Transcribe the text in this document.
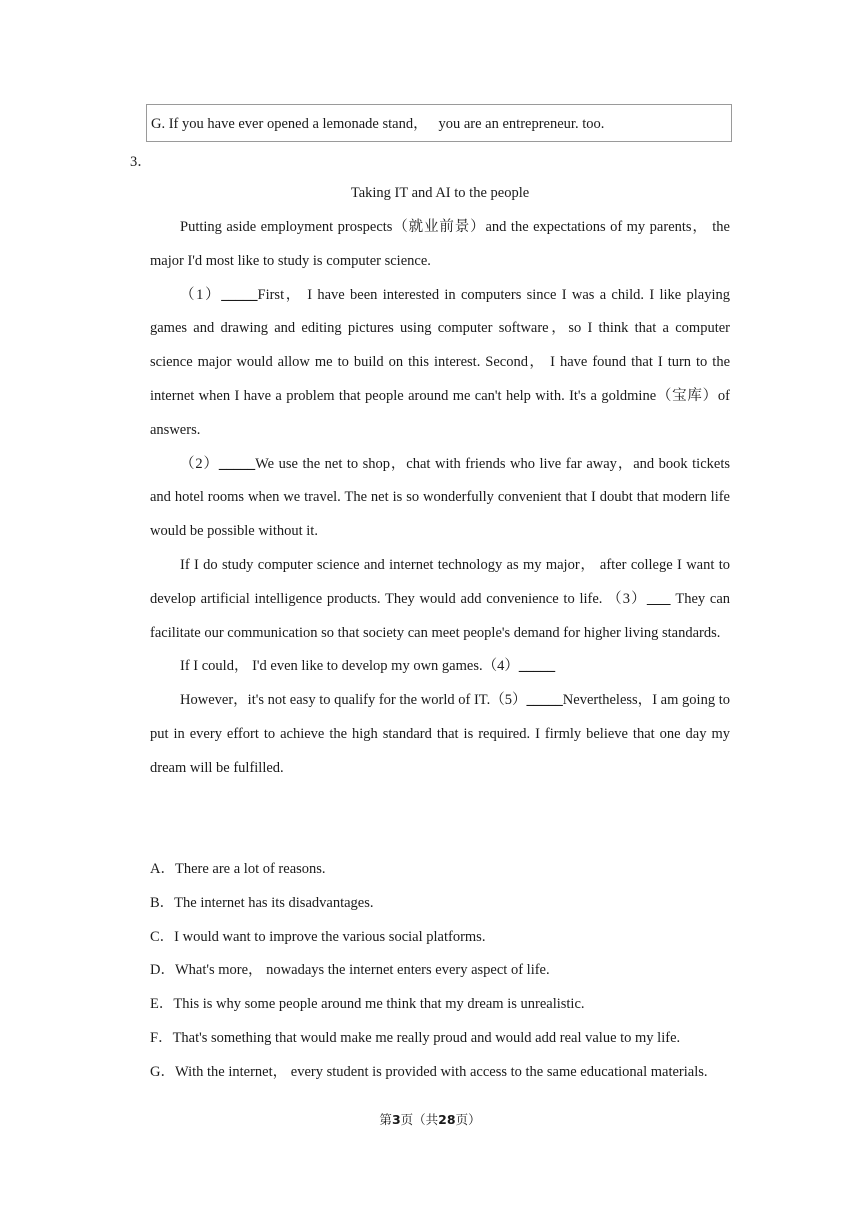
G. If you have ever opened a lemonade stand，   you are an entrepreneur. too.
3．
Taking IT and AI to the people

Putting aside employment prospects（就业前景）and the expectations of my parents， the major I'd most like to study is computer science.

（1）_____First， I have been interested in computers since I was a child. I like playing games and drawing and editing pictures using computer software，so I think that a computer science major would allow me to build on this interest. Second， I have found that I turn to the internet when I have a problem that people around me can't help with. It's a goldmine（宝库）of answers.

（2）_____We use the net to shop，chat with friends who live far away，and book tickets and hotel rooms when we travel. The net is so wonderfully convenient that I doubt that modern life would be possible without it.

If I do study computer science and internet technology as my major， after college I want to develop artificial intelligence products. They would add convenience to life. （3） They can facilitate our communication so that society can meet people's demand for higher living standards.

If I could， I'd even like to develop my own games.（4）_____

However，it's not easy to qualify for the world of IT.（5）_____Nevertheless，I am going to put in every effort to achieve the high standard that is required. I firmly believe that one day my dream will be fulfilled.

A．There are a lot of reasons.
B．The internet has its disadvantages.
C．I would want to improve the various social platforms.
D．What's more， nowadays the internet enters every aspect of life.
E．This is why some people around me think that my dream is unrealistic.
F．That's something that would make me really proud and would add real value to my life.
G．With the internet， every student is provided with access to the same educational materials.
第3页（共28页）
